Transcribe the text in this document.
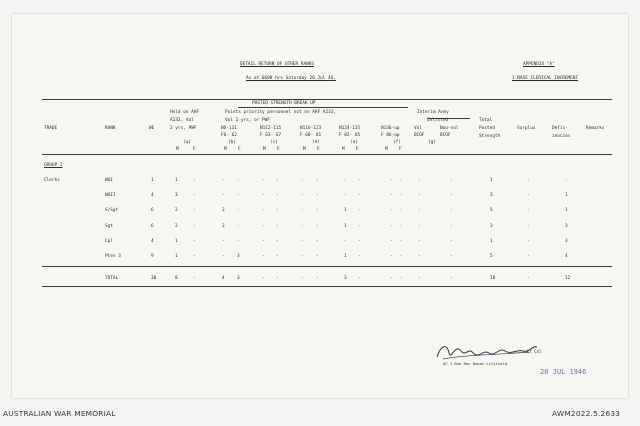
DETAIL RETURN OF OTHER RANKS
As at 0600 hrs Saturday 20 Jul 46.
APPENDIX "A"
1 BASE CLERICAL INCREMENT
TRADE	RANK	WE
Held on AAF
A232, Vol
2 yrs, PWF
(a)
POSTED STRENGTH BREAK UP
Points priority personnel not on AAF A232,
Vol 2 yrs, or PWF
NO-111
FO- 62
(b)
N112-115
F 63- 67
(c)
N116-123
F 68- 81
(d)
N124-135
F 82- 85
(e)
N136-up
F 86-up
(f)
Interim Army
Enlisted
Vol
BCOF
Non-vol
BCOF
(g)
Total
Posted
Strength
Surplus	Defic-
iencies
Remarks
M	F	M	F	M	F	M	F	M	F	M	F
GROUP 2
Clerks	WOI	1	1	-	-	-	-	-	-	-	-	-	- -	-	-	1	-	-
WOII	4	3	-	-	-	-	-	-	-	-	-	- -	-	-	3	-	1
S/Sgt	6	2	-	2	-	-	-	-	-	1	-	- -	-	-	5	-	1
Sgt	6	2	-	2	-	-	-	-	-	1	-	- -	-	-	3	-	3
Cpl	4	1	-	-	-	-	-	-	-	-	-	- -	-	-	1	-	3
Ptes 3	9	1	-	-	3	-	-	-	-	1	-	- -	-	-	5	-	4
TOTAL	30	8	-	4	3	-	-	-	-	3	-	- -	-	-	18	-	12
Lt Col
OC 1 Bse Rec Depot Lilyfield
20 JUL 1946
AUSTRALIAN WAR MEMORIAL	AWM2022.5.2633
